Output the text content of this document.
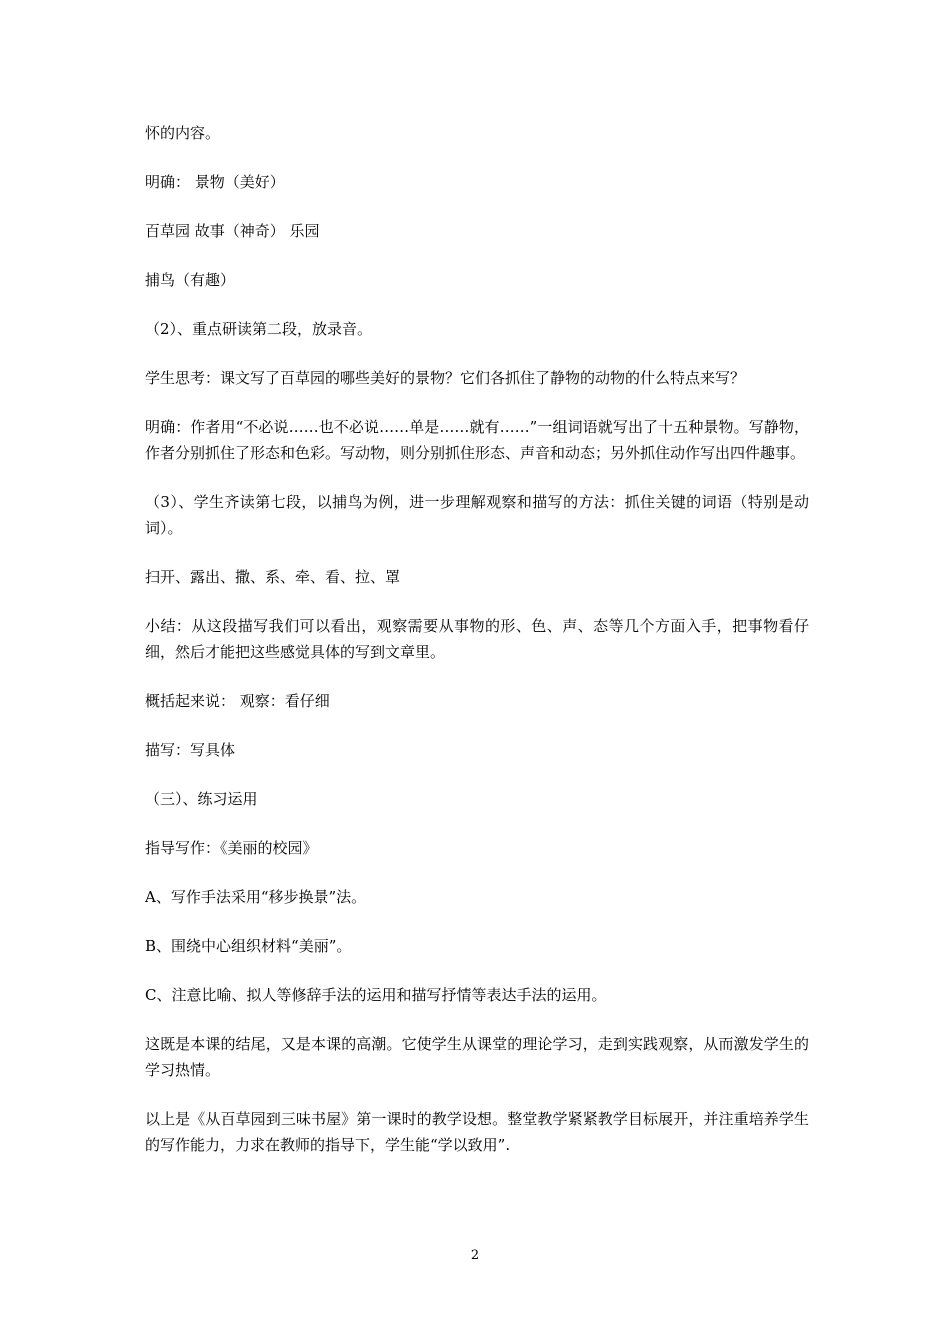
怀的内容。

明确： 景物（美好）

百草园 故事（神奇） 乐园

捕鸟（有趣）

（2）、重点研读第二段，放录音。

学生思考：课文写了百草园的哪些美好的景物？它们各抓住了静物的动物的什么特点来写？

明确：作者用“不必说……也不必说……单是……就有……”一组词语就写出了十五种景物。写静物，作者分别抓住了形态和色彩。写动物，则分别抓住形态、声音和动态；另外抓住动作写出四件趣事。

（3）、学生齐读第七段，以捕鸟为例，进一步理解观察和描写的方法：抓住关键的词语（特别是动词）。

扫开、露出、撒、系、牵、看、拉、罩

小结：从这段描写我们可以看出，观察需要从事物的形、色、声、态等几个方面入手，把事物看仔细，然后才能把这些感觉具体的写到文章里。

概括起来说： 观察：看仔细

描写：写具体

（三）、练习运用

指导写作：《美丽的校园》

A、写作手法采用“移步换景”法。

B、围绕中心组织材料“美丽”。

C、注意比喻、拟人等修辞手法的运用和描写抒情等表达手法的运用。

这既是本课的结尾，又是本课的高潮。它使学生从课堂的理论学习，走到实践观察，从而激发学生的学习热情。

以上是《从百草园到三味书屋》第一课时的教学设想。整堂教学紧紧教学目标展开，并注重培养学生的写作能力，力求在教师的指导下，学生能“学以致用”.

2
